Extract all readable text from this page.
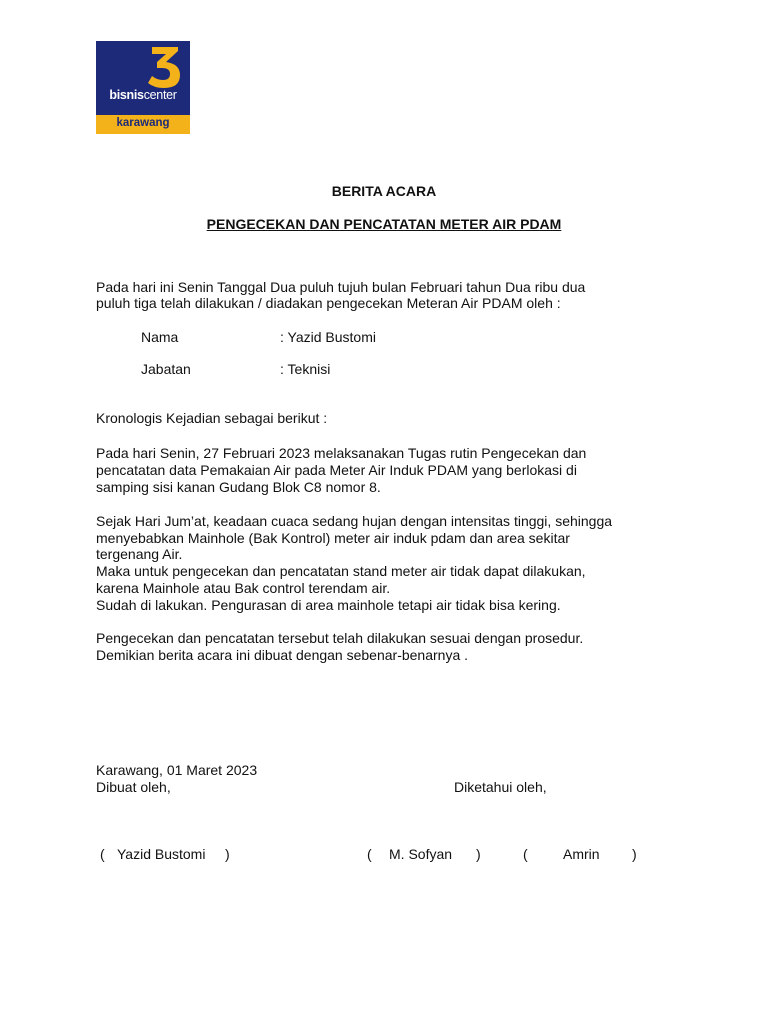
bisniscenter
karawang
BERITA ACARA
PENGECEKAN DAN PENCATATAN METER AIR PDAM
Pada hari ini Senin Tanggal Dua puluh tujuh bulan Februari tahun Dua ribu dua
puluh tiga telah dilakukan / diadakan pengecekan Meteran Air PDAM oleh :
Nama	: Yazid Bustomi
Jabatan	: Teknisi
Kronologis Kejadian sebagai berikut :
Pada hari Senin, 27 Februari 2023 melaksanakan Tugas rutin Pengecekan dan
pencatatan data Pemakaian Air pada Meter Air Induk PDAM yang berlokasi di
samping sisi kanan Gudang Blok C8 nomor 8.
Sejak Hari Jum’at, keadaan cuaca sedang hujan dengan intensitas tinggi, sehingga
menyebabkan Mainhole (Bak Kontrol) meter air induk pdam dan area sekitar
tergenang Air.
Maka untuk pengecekan dan pencatatan stand meter air tidak dapat dilakukan,
karena Mainhole atau Bak control terendam air.
Sudah di lakukan. Pengurasan di area mainhole tetapi air tidak bisa kering.
Pengecekan dan pencatatan tersebut telah dilakukan sesuai dengan prosedur.
Demikian berita acara ini dibuat dengan sebenar-benarnya .
Karawang, 01 Maret 2023
Dibuat oleh,	Diketahui oleh,
( Yazid Bustomi )	( M. Sofyan )	(	Amrin )
